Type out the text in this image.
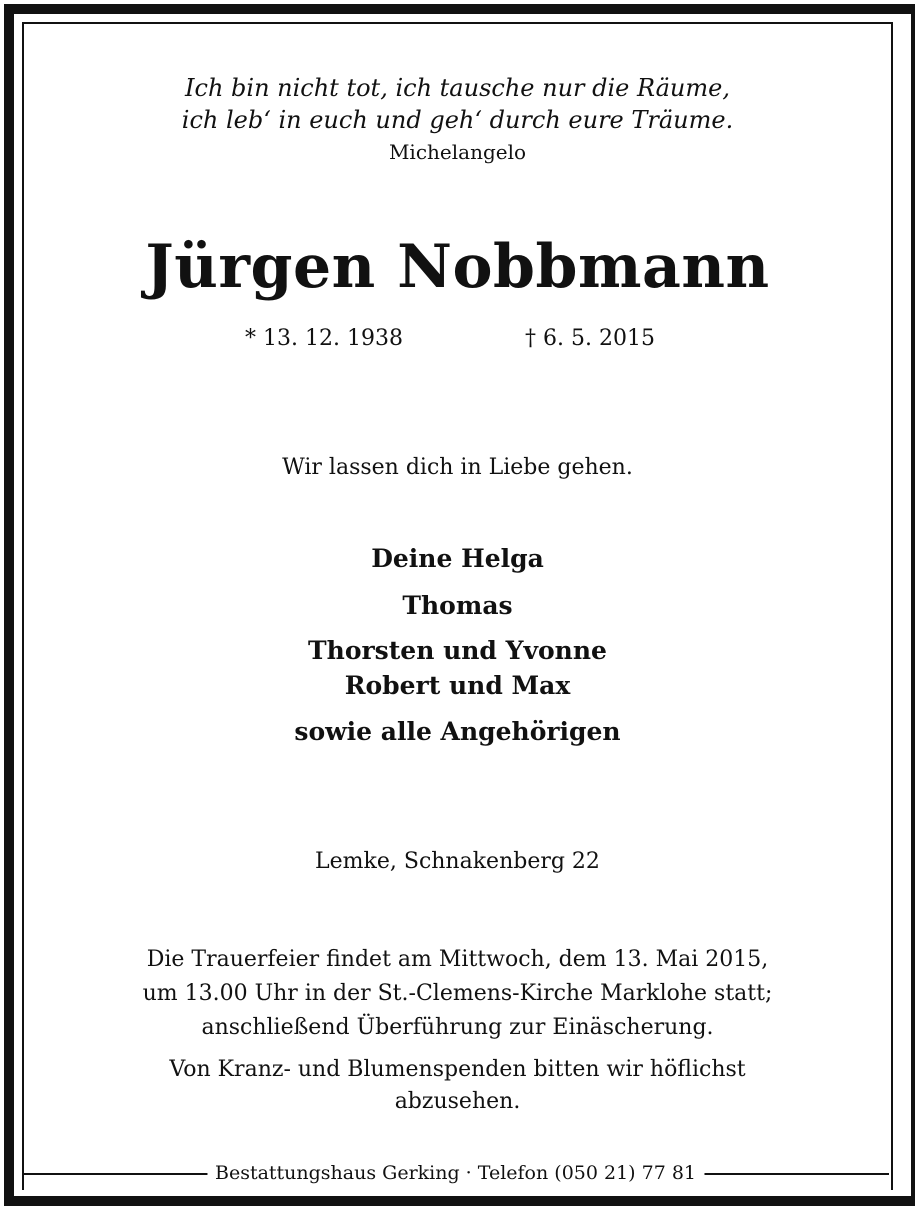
Ich bin nicht tot, ich tausche nur die Räume,
ich leb‘ in euch und geh‘ durch eure Träume.
Michelangelo
Jürgen Nobbmann
* 13. 12. 1938	† 6. 5. 2015
Wir lassen dich in Liebe gehen.
Deine Helga
Thomas
Thorsten und Yvonne
Robert und Max
sowie alle Angehörigen
Lemke, Schnakenberg 22
Die Trauerfeier findet am Mittwoch, dem 13. Mai 2015,
um 13.00 Uhr in der St.-Clemens-Kirche Marklohe statt;
anschließend Überführung zur Einäscherung.
Von Kranz- und Blumenspenden bitten wir höflichst
abzusehen.
Bestattungshaus Gerking · Telefon (050 21) 77 81
